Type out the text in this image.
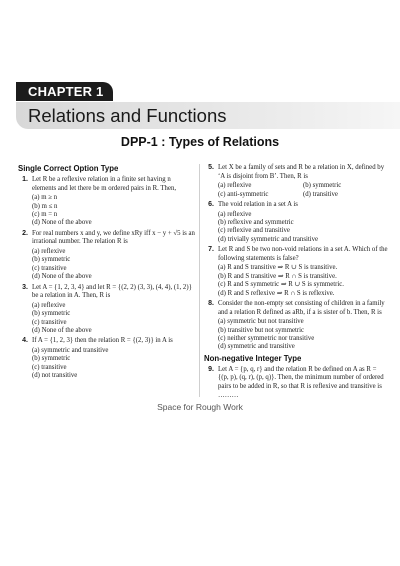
CHAPTER 1
Relations and Functions
DPP-1 : Types of Relations
Single Correct Option Type
1. Let R be a reflexive relation in a finite set having n elements and let there be m ordered pairs in R. Then,

(a) m ≥ n
(b) m ≤ n
(c) m = n
(d) None of the above
2. For real numbers x and y, we define xRy iff x − y + √5 is an irrational number. The relation R is

(a) reflexive
(b) symmetric
(c) transitive
(d) None of the above
3. Let A = {1, 2, 3, 4} and let R = {(2, 2) (3, 3), (4, 4), (1, 2)} be a relation in A. Then, R is

(a) reflexive
(b) symmetric
(c) transitive
(d) None of the above
4. If A = {1, 2, 3} then the relation R = {(2, 3)} in A is

(a) symmetric and transitive
(b) symmetric
(c) transitive
(d) not transitive
5. Let X be a family of sets and R be a relation in X, defined by ‘A is disjoint from B’. Then, R is

(a) reflexive	(b) symmetric
(c) anti-symmetric	(d) transitive
6. The void relation in a set A is

(a) reflexive
(b) reflexive and symmetric
(c) reflexive and transitive
(d) trivially symmetric and transitive
7. Let R and S be two non-void relations in a set A. Which of the following statements is false?

(a) R and S transitive ⇒ R ∪ S is transitive.
(b) R and S transitive ⇒ R ∩ S is transitive.
(c) R and S symmetric ⇒ R ∪ S is symmetric.
(d) R and S reflexive ⇒ R ∩ S is reflexive.
8. Consider the non-empty set consisting of children in a family and a relation R defined as aRb, if a is sister of b. Then, R is

(a) symmetric but not transitive
(b) transitive but not symmetric
(c) neither symmetric nor transitive
(d) symmetric and transitive
Non-negative Integer Type
9. Let A = {p, q, r} and the relation R be defined on A as R = {(p, p), (q, r), (p, q)}. Then, the minimum number of ordered pairs to be added in R, so that R is reflexive and transitive is ………

Space for Rough Work
